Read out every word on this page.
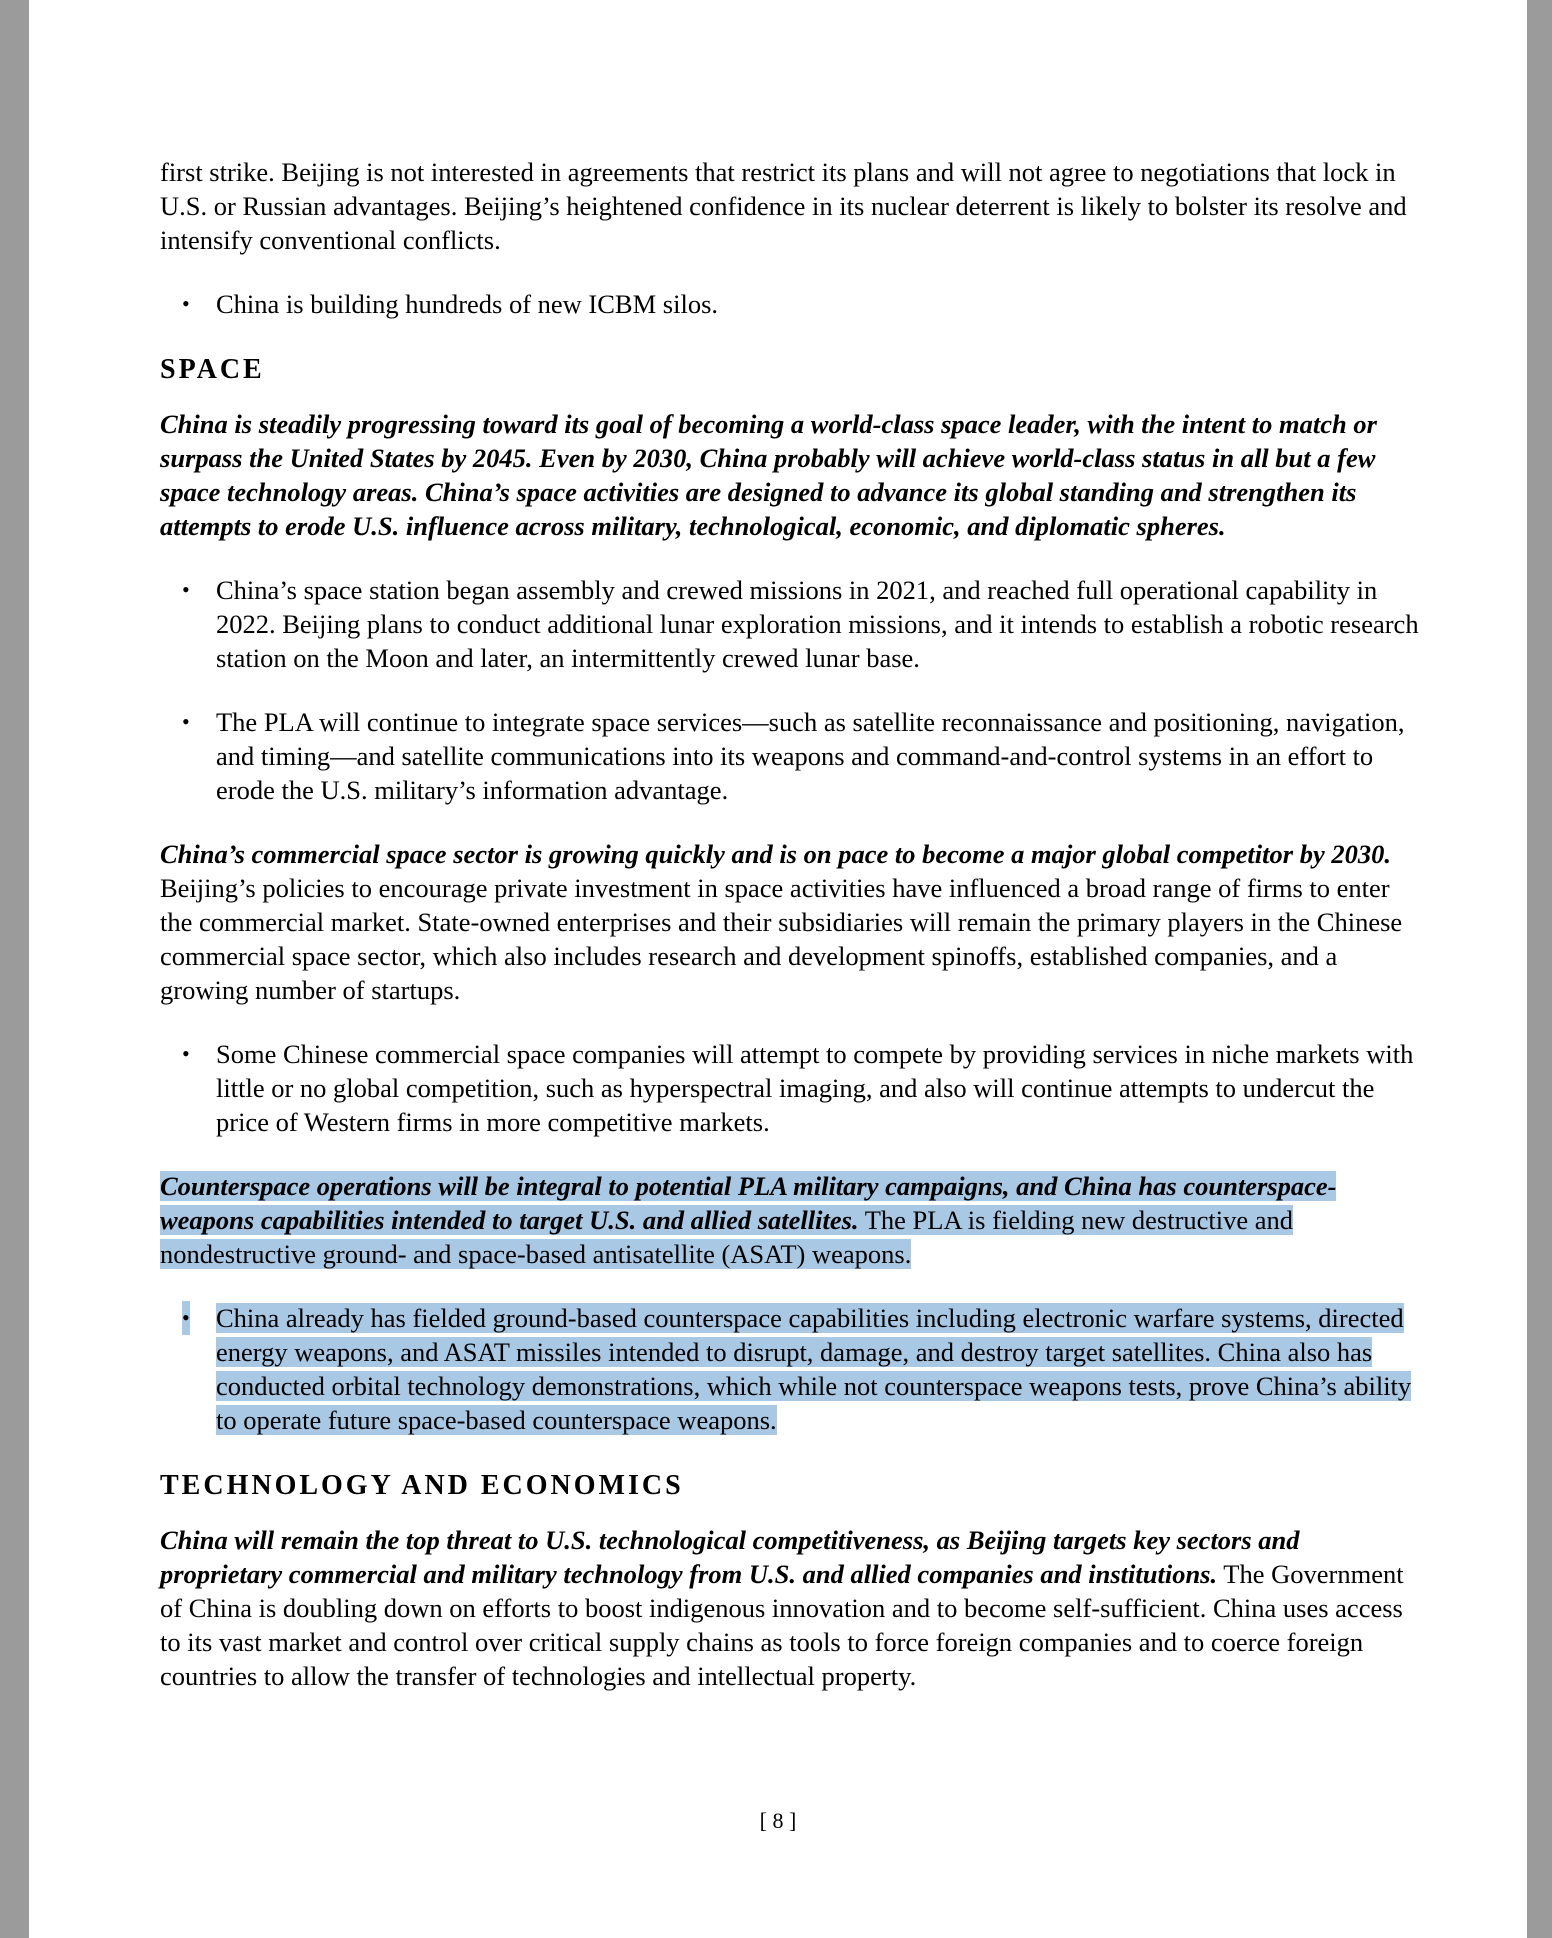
first strike. Beijing is not interested in agreements that restrict its plans and will not agree to negotiations that lock in U.S. or Russian advantages. Beijing’s heightened confidence in its nuclear deterrent is likely to bolster its resolve and intensify conventional conflicts.

• China is building hundreds of new ICBM silos.

SPACE

China is steadily progressing toward its goal of becoming a world-class space leader, with the intent to match or surpass the United States by 2045. Even by 2030, China probably will achieve world-class status in all but a few space technology areas. China’s space activities are designed to advance its global standing and strengthen its attempts to erode U.S. influence across military, technological, economic, and diplomatic spheres.

• China’s space station began assembly and crewed missions in 2021, and reached full operational capability in 2022. Beijing plans to conduct additional lunar exploration missions, and it intends to establish a robotic research station on the Moon and later, an intermittently crewed lunar base.

• The PLA will continue to integrate space services—such as satellite reconnaissance and positioning, navigation, and timing—and satellite communications into its weapons and command-and-control systems in an effort to erode the U.S. military’s information advantage.

China’s commercial space sector is growing quickly and is on pace to become a major global competitor by 2030. Beijing’s policies to encourage private investment in space activities have influenced a broad range of firms to enter the commercial market. State-owned enterprises and their subsidiaries will remain the primary players in the Chinese commercial space sector, which also includes research and development spinoffs, established companies, and a growing number of startups.

• Some Chinese commercial space companies will attempt to compete by providing services in niche markets with little or no global competition, such as hyperspectral imaging, and also will continue attempts to undercut the price of Western firms in more competitive markets.

Counterspace operations will be integral to potential PLA military campaigns, and China has counterspace-weapons capabilities intended to target U.S. and allied satellites. The PLA is fielding new destructive and nondestructive ground- and space-based antisatellite (ASAT) weapons.

• China already has fielded ground-based counterspace capabilities including electronic warfare systems, directed energy weapons, and ASAT missiles intended to disrupt, damage, and destroy target satellites. China also has conducted orbital technology demonstrations, which while not counterspace weapons tests, prove China’s ability to operate future space-based counterspace weapons.

TECHNOLOGY AND ECONOMICS

China will remain the top threat to U.S. technological competitiveness, as Beijing targets key sectors and proprietary commercial and military technology from U.S. and allied companies and institutions. The Government of China is doubling down on efforts to boost indigenous innovation and to become self-sufficient. China uses access to its vast market and control over critical supply chains as tools to force foreign companies and to coerce foreign countries to allow the transfer of technologies and intellectual property.

[ 8 ]
